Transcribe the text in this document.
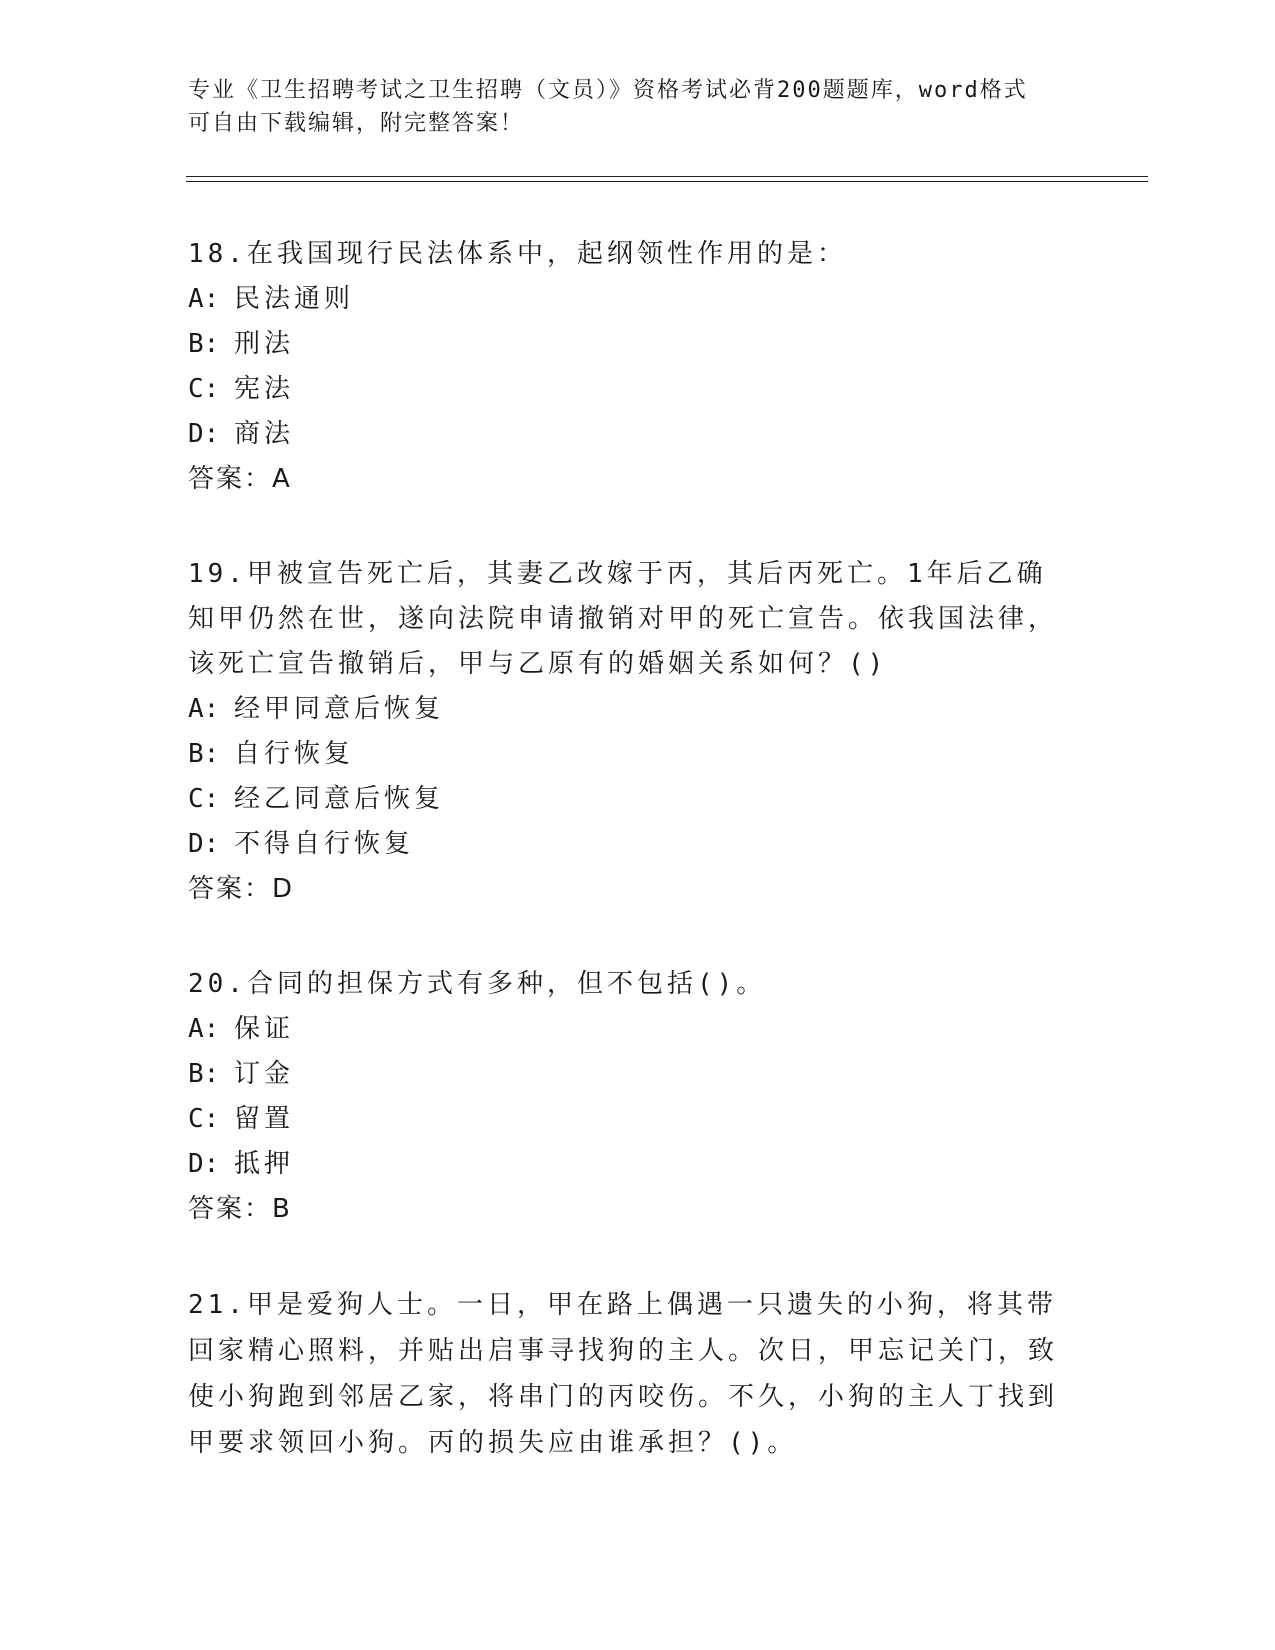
专业《卫生招聘考试之卫生招聘（文员）》资格考试必背200题题库，word格式
可自由下载编辑，附完整答案！
18.在我国现行民法体系中，起纲领性作用的是：
A: 民法通则
B: 刑法
C: 宪法
D: 商法
答案：A
19.甲被宣告死亡后，其妻乙改嫁于丙，其后丙死亡。1年后乙确知甲仍然在世，遂向法院申请撤销对甲的死亡宣告。依我国法律，该死亡宣告撤销后，甲与乙原有的婚姻关系如何？()
A: 经甲同意后恢复
B: 自行恢复
C: 经乙同意后恢复
D: 不得自行恢复
答案：D
20.合同的担保方式有多种，但不包括()。
A: 保证
B: 订金
C: 留置
D: 抵押
答案：B
21.甲是爱狗人士。一日，甲在路上偶遇一只遗失的小狗，将其带回家精心照料，并贴出启事寻找狗的主人。次日，甲忘记关门，致使小狗跑到邻居乙家，将串门的丙咬伤。不久，小狗的主人丁找到甲要求领回小狗。丙的损失应由谁承担？()。
